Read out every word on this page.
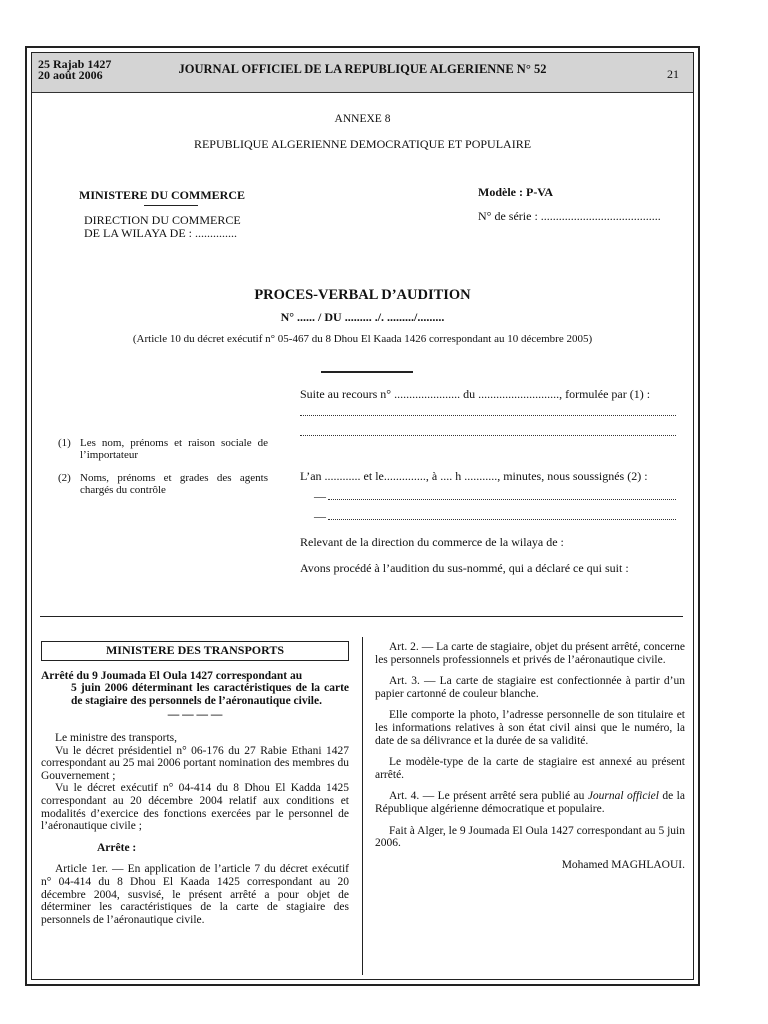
25 Rajab 1427
20 août 2006	JOURNAL OFFICIEL DE LA REPUBLIQUE ALGERIENNE N° 52	21
ANNEXE 8
REPUBLIQUE ALGERIENNE DEMOCRATIQUE ET POPULAIRE
MINISTERE DU COMMERCE
DIRECTION DU COMMERCE
DE LA WILAYA DE : ..............
Modèle : P-VA
N° de série : ........................................
PROCES-VERBAL D’AUDITION
N° ...... / DU ......... ./. ........./.........
(Article 10 du décret exécutif n° 05-467 du 8 Dhou El Kaada 1426 correspondant au 10 décembre 2005)
Suite au recours n° ...................... du ..........................., formulée par (1) :
(1) Les nom, prénoms et raison sociale de l’importateur
(2) Noms, prénoms et grades des agents chargés du contrôle
L’an ............ et le.............., à .... h ..........., minutes, nous soussignés (2) :
—
—
Relevant de la direction du commerce de la wilaya de :
Avons procédé à l’audition du sus-nommé, qui a déclaré ce qui suit :
MINISTERE DES TRANSPORTS
Arrêté du 9 Joumada El Oula 1427 correspondant au
5 juin 2006 déterminant les caractéristiques de la carte de stagiaire des personnels de l’aéronautique civile.
— — — —
Le ministre des transports,
Vu le décret présidentiel n° 06-176 du 27 Rabie Ethani 1427 correspondant au 25 mai 2006 portant nomination des membres du Gouvernement ;
Vu le décret exécutif n° 04-414 du 8 Dhou El Kadda 1425 correspondant au 20 décembre 2004 relatif aux conditions et modalités d’exercice des fonctions exercées par le personnel de l’aéronautique civile ;
Arrête :
Article 1er. — En application de l’article 7 du décret exécutif n° 04-414 du 8 Dhou El Kaada 1425 correspondant au 20 décembre 2004, susvisé, le présent arrêté a pour objet de déterminer les caractéristiques de la carte de stagiaire des personnels de l’aéronautique civile.
Art. 2. — La carte de stagiaire, objet du présent arrêté, concerne les personnels professionnels et privés de l’aéronautique civile.
Art. 3. — La carte de stagiaire est confectionnée à partir d’un papier cartonné de couleur blanche.
Elle comporte la photo, l’adresse personnelle de son titulaire et les informations relatives à son état civil ainsi que le numéro, la date de sa délivrance et la durée de sa validité.
Le modèle-type de la carte de stagiaire est annexé au présent arrêté.
Art. 4. — Le présent arrêté sera publié au Journal officiel de la République algérienne démocratique et populaire.
Fait à Alger, le 9 Joumada El Oula 1427 correspondant au 5 juin 2006.
Mohamed MAGHLAOUI.
